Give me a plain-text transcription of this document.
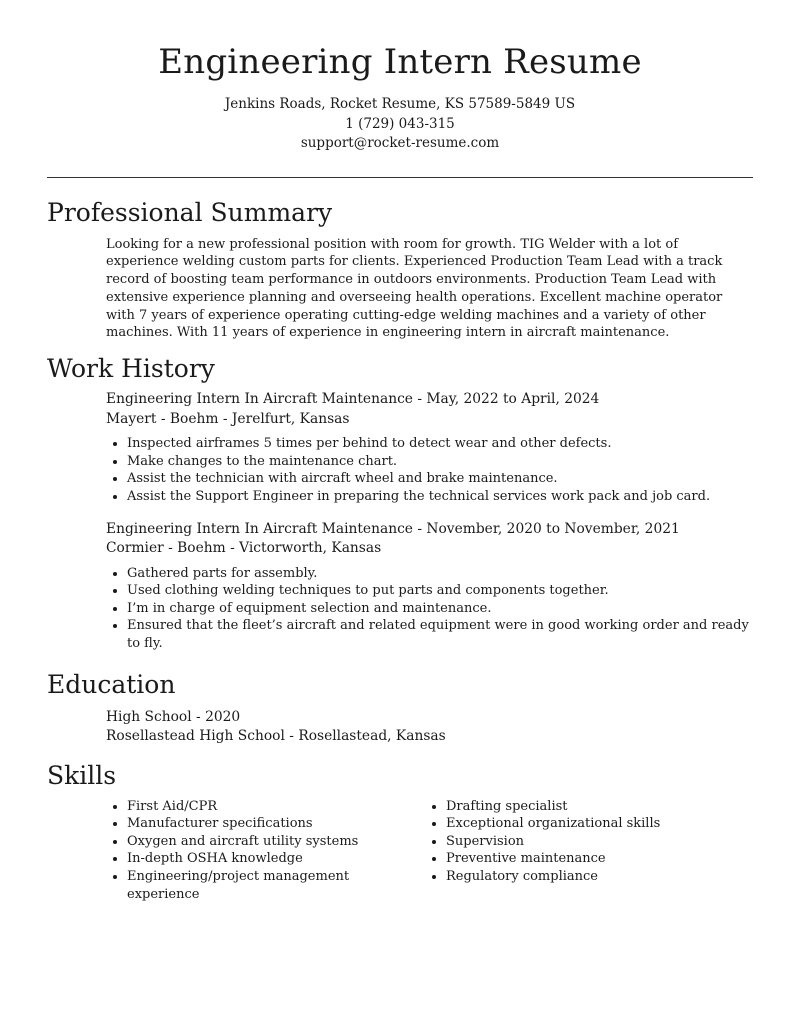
Engineering Intern Resume

Jenkins Roads, Rocket Resume, KS 57589-5849 US

1 (729) 043-315

support@rocket-resume.com

Professional Summary

Looking for a new professional position with room for growth. TIG Welder with a lot of experience welding custom parts for clients. Experienced Production Team Lead with a track record of boosting team performance in outdoors environments. Production Team Lead with extensive experience planning and overseeing health operations. Excellent machine operator with 7 years of experience operating cutting-edge welding machines and a variety of other machines. With 11 years of experience in engineering intern in aircraft maintenance.

Work History

Engineering Intern In Aircraft Maintenance - May, 2022 to April, 2024

Mayert - Boehm - Jerelfurt, Kansas

• Inspected airframes 5 times per behind to detect wear and other defects.
• Make changes to the maintenance chart.
• Assist the technician with aircraft wheel and brake maintenance.
• Assist the Support Engineer in preparing the technical services work pack and job card.

Engineering Intern In Aircraft Maintenance - November, 2020 to November, 2021

Cormier - Boehm - Victorworth, Kansas

• Gathered parts for assembly.
• Used clothing welding techniques to put parts and components together.
• I’m in charge of equipment selection and maintenance.
• Ensured that the fleet’s aircraft and related equipment were in good working order and ready to fly.
Education

High School - 2020

Rosellastead High School - Rosellastead, Kansas

Skills
• First Aid/CPR
• Manufacturer specifications
• Oxygen and aircraft utility systems
• In-depth OSHA knowledge
• Engineering/project management experience
• Drafting specialist
• Exceptional organizational skills
• Supervision
• Preventive maintenance
• Regulatory compliance
